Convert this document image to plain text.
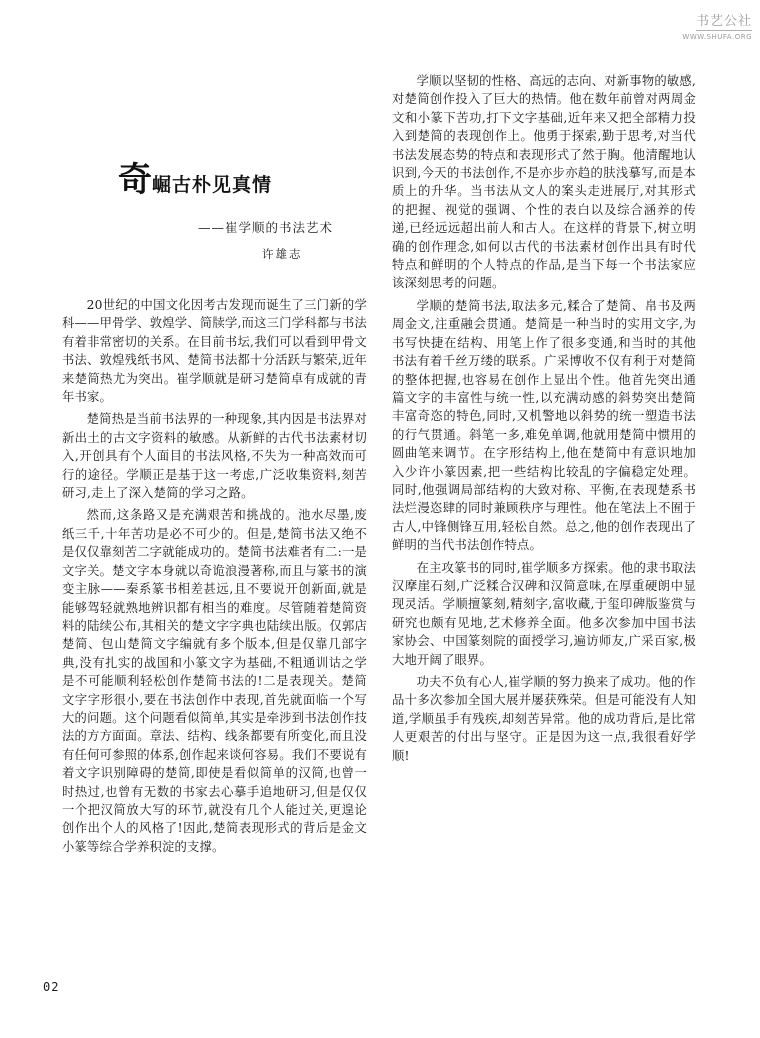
书艺公社
WWW.SHUFA.ORG
奇崛古朴见真情
——崔学顺的书法艺术
许雄志

20世纪的中国文化因考古发现而诞生了三门新的学科——甲骨学、敦煌学、简牍学,而这三门学科都与书法有着非常密切的关系。在目前书坛,我们可以看到甲骨文书法、敦煌残纸书风、楚简书法都十分活跃与繁荣,近年来楚简热尤为突出。崔学顺就是研习楚简卓有成就的青年书家。

楚简热是当前书法界的一种现象,其内因是书法界对新出土的古文字资料的敏感。从新鲜的古代书法素材切入,开创具有个人面目的书法风格,不失为一种高效而可行的途径。学顺正是基于这一考虑,广泛收集资料,刻苦研习,走上了深入楚简的学习之路。

然而,这条路又是充满艰苦和挑战的。池水尽墨,废纸三千,十年苦功是必不可少的。但是,楚简书法又绝不是仅仅靠刻苦二字就能成功的。楚简书法难者有二:一是文字关。楚文字本身就以奇诡浪漫著称,而且与篆书的演变主脉——秦系篆书相差甚远,且不要说开创新面,就是能够驾轻就熟地辨识都有相当的难度。尽管随着楚简资料的陆续公布,其相关的楚文字字典也陆续出版。仅郭店楚简、包山楚简文字编就有多个版本,但是仅靠几部字典,没有扎实的战国和小篆文字为基础,不粗通训诂之学是不可能顺利轻松创作楚简书法的!二是表现关。楚简文字字形很小,要在书法创作中表现,首先就面临一个写大的问题。这个问题看似简单,其实是牵涉到书法创作技法的方方面面。章法、结构、线条都要有所变化,而且没有任何可参照的体系,创作起来谈何容易。我们不要说有着文字识别障碍的楚简,即使是看似简单的汉简,也曾一时热过,也曾有无数的书家去心摹手追地研习,但是仅仅一个把汉简放大写的环节,就没有几个人能过关,更遑论创作出个人的风格了!因此,楚简表现形式的背后是金文小篆等综合学养积淀的支撑。

学顺以坚韧的性格、高远的志向、对新事物的敏感,对楚简创作投入了巨大的热情。他在数年前曾对两周金文和小篆下苦功,打下文字基础,近年来又把全部精力投入到楚简的表现创作上。他勇于探索,勤于思考,对当代书法发展态势的特点和表现形式了然于胸。他清醒地认识到,今天的书法创作,不是亦步亦趋的肤浅摹写,而是本质上的升华。当书法从文人的案头走进展厅,对其形式的把握、视觉的强调、个性的表白以及综合涵养的传递,已经远远超出前人和古人。在这样的背景下,树立明确的创作理念,如何以古代的书法素材创作出具有时代特点和鲜明的个人特点的作品,是当下每一个书法家应该深刻思考的问题。

学顺的楚简书法,取法多元,糅合了楚简、帛书及两周金文,注重融会贯通。楚简是一种当时的实用文字,为书写快捷在结构、用笔上作了很多变通,和当时的其他书法有着千丝万缕的联系。广采博收不仅有利于对楚简的整体把握,也容易在创作上显出个性。他首先突出通篇文字的丰富性与统一性,以充满动感的斜势突出楚简丰富奇恣的特色,同时,又机警地以斜势的统一塑造书法的行气贯通。斜笔一多,难免单调,他就用楚简中惯用的圆曲笔来调节。在字形结构上,他在楚简中有意识地加入少许小篆因素,把一些结构比较乱的字偏稳定处理。同时,他强调局部结构的大致对称、平衡,在表现楚系书法烂漫恣肆的同时兼顾秩序与理性。他在笔法上不囿于古人,中锋侧锋互用,轻松自然。总之,他的创作表现出了鲜明的当代书法创作特点。

在主攻篆书的同时,崔学顺多方探索。他的隶书取法汉摩崖石刻,广泛糅合汉碑和汉简意味,在厚重硬朗中显现灵活。学顺擅篆刻,精刻字,富收藏,于玺印碑版鉴赏与研究也颇有见地,艺术修养全面。他多次参加中国书法家协会、中国篆刻院的面授学习,遍访师友,广采百家,极大地开阔了眼界。

功夫不负有心人,崔学顺的努力换来了成功。他的作品十多次参加全国大展并屡获殊荣。但是可能没有人知道,学顺虽手有残疾,却刻苦异常。他的成功背后,是比常人更艰苦的付出与坚守。正是因为这一点,我很看好学顺!

02
